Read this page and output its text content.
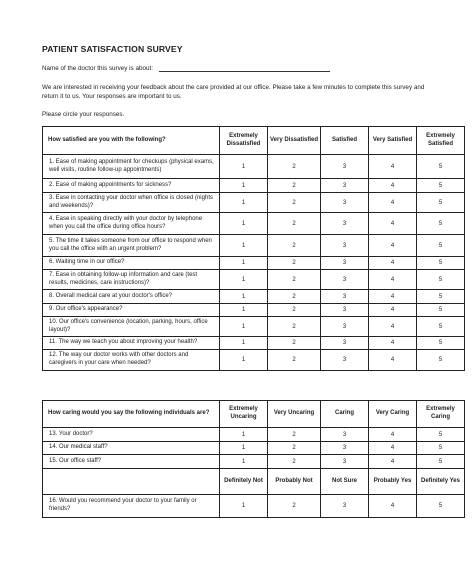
PATIENT SATISFACTION SURVEY
Name of the doctor this survey is about:
We are interested in receiving your feedback about the care provided at our office. Please take a few minutes to complete this survey and return it to us. Your responses are important to us.
Please circle your responses.
How satisfied are you with the following?	Extremely Dissatisfied	Very Dissatisfied	Satisfied	Very Satisfied	Extremely Satisfied
1. Ease of making appointment for checkups (physical exams, well visits, routine follow-up appointments)	1	2	3	4	5
2. Ease of making appointments for sickness?	1	2	3	4	5
3. Ease in contacting your doctor when office is closed (nights and weekends)?	1	2	3	4	5
4. Ease in speaking directly with your doctor by telephone when you call the office during office hours?	1	2	3	4	5
5. The time it takes someone from our office to respond when you call the office with an urgent problem?	1	2	3	4	5
6. Waiting time in our office?	1	2	3	4	5
7. Ease in obtaining follow-up information and care (test results, medicines, care instructions)?	1	2	3	4	5
8. Overall medical care at your doctor's office?	1	2	3	4	5
9. Our office's appearance?	1	2	3	4	5
10. Our office's convenience (location, parking, hours, office layout)?	1	2	3	4	5
11. The way we teach you about improving your health?	1	2	3	4	5
12. The way our doctor works with other doctors and caregivers in your care when needed?	1	2	3	4	5
How caring would you say the following individuals are?	Extremely Uncaring	Very Uncaring	Caring	Very Caring	Extremely Caring
13. Your doctor?	1	2	3	4	5
14. Our medical staff?	1	2	3	4	5
15. Our office staff?	1	2	3	4	5
	Definitely Not	Probably Not	Not Sure	Probably Yes	Definitely Yes
16. Would you recommend your doctor to your family or friends?	1	2	3	4	5
